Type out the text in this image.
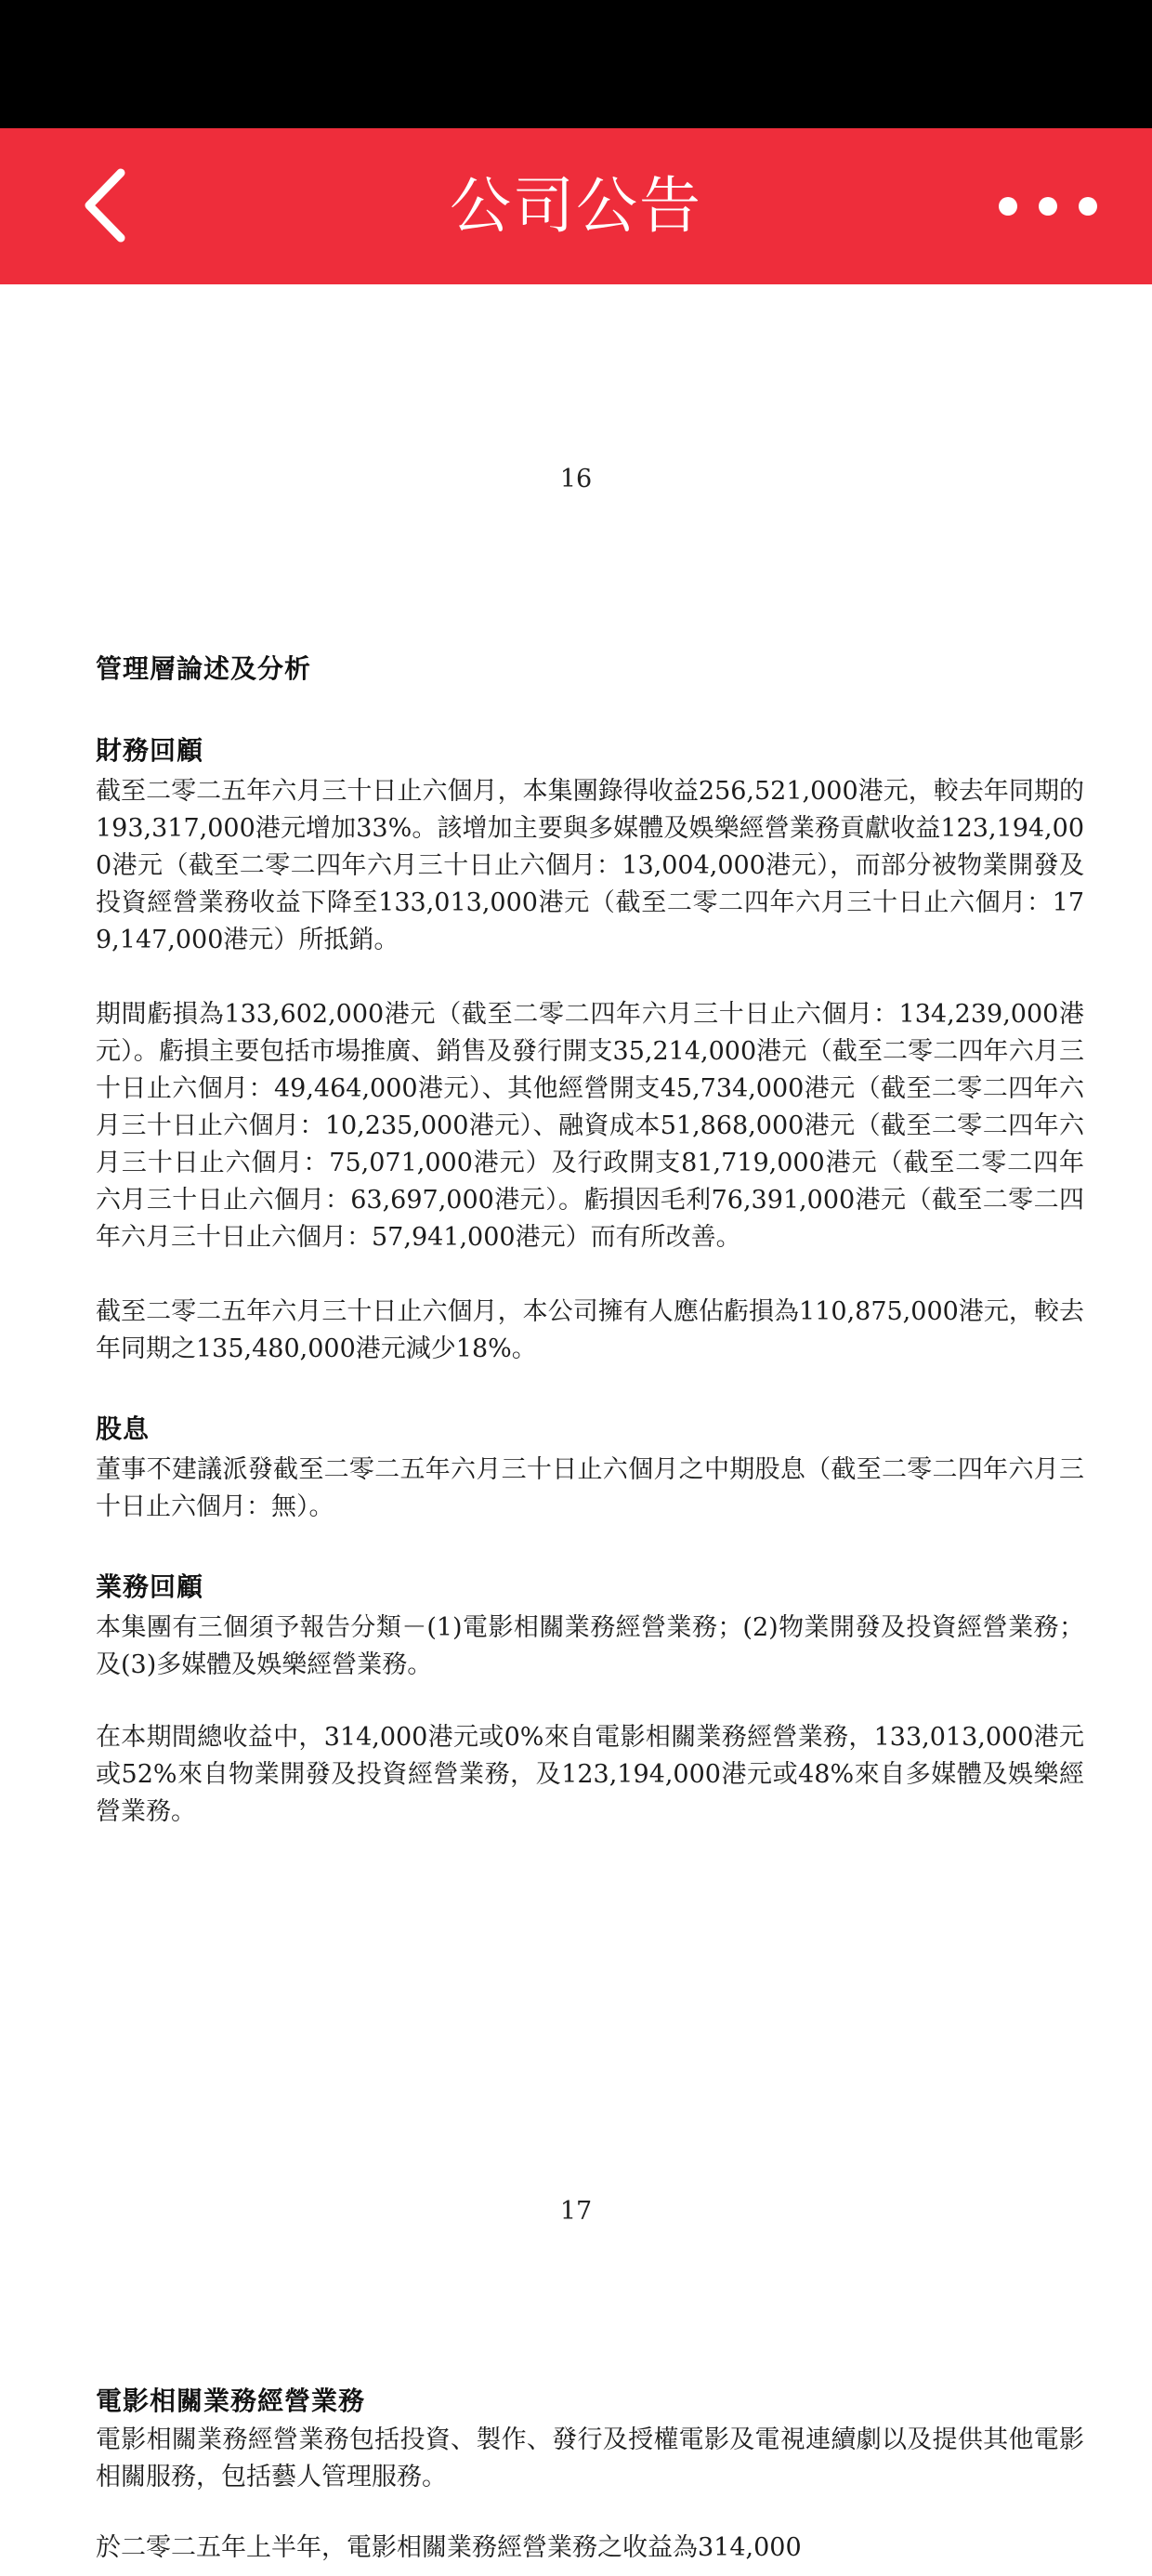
公司公告
16
管理層論述及分析
財務回顧

截至二零二五年六月三十日止六個月，本集團錄得收益256,521,000港元，較去年同期的193,317,000港元增加33%。該增加主要與多媒體及娛樂經營業務貢獻收益123,194,000港元（截至二零二四年六月三十日止六個月：13,004,000港元），而部分被物業開發及投資經營業務收益下降至133,013,000港元（截至二零二四年六月三十日止六個月：179,147,000港元）所抵銷。

期間虧損為133,602,000港元（截至二零二四年六月三十日止六個月：134,239,000港元）。虧損主要包括市場推廣、銷售及發行開支35,214,000港元（截至二零二四年六月三十日止六個月：49,464,000港元）、其他經營開支45,734,000港元（截至二零二四年六月三十日止六個月：10,235,000港元）、融資成本51,868,000港元（截至二零二四年六月三十日止六個月：75,071,000港元）及行政開支81,719,000港元（截至二零二四年六月三十日止六個月：63,697,000港元）。虧損因毛利76,391,000港元（截至二零二四年六月三十日止六個月：57,941,000港元）而有所改善。

截至二零二五年六月三十日止六個月，本公司擁有人應佔虧損為110,875,000港元，較去年同期之135,480,000港元減少18%。

股息

董事不建議派發截至二零二五年六月三十日止六個月之中期股息（截至二零二四年六月三十日止六個月：無）。

業務回顧

本集團有三個須予報告分類－(1)電影相關業務經營業務；(2)物業開發及投資經營業務；及(3)多媒體及娛樂經營業務。

在本期間總收益中，314,000港元或0%來自電影相關業務經營業務，133,013,000港元或52%來自物業開發及投資經營業務，及123,194,000港元或48%來自多媒體及娛樂經營業務。

17
電影相關業務經營業務

電影相關業務經營業務包括投資、製作、發行及授權電影及電視連續劇以及提供其他電影相關服務，包括藝人管理服務。

於二零二五年上半年，電影相關業務經營業務之收益為314,000
